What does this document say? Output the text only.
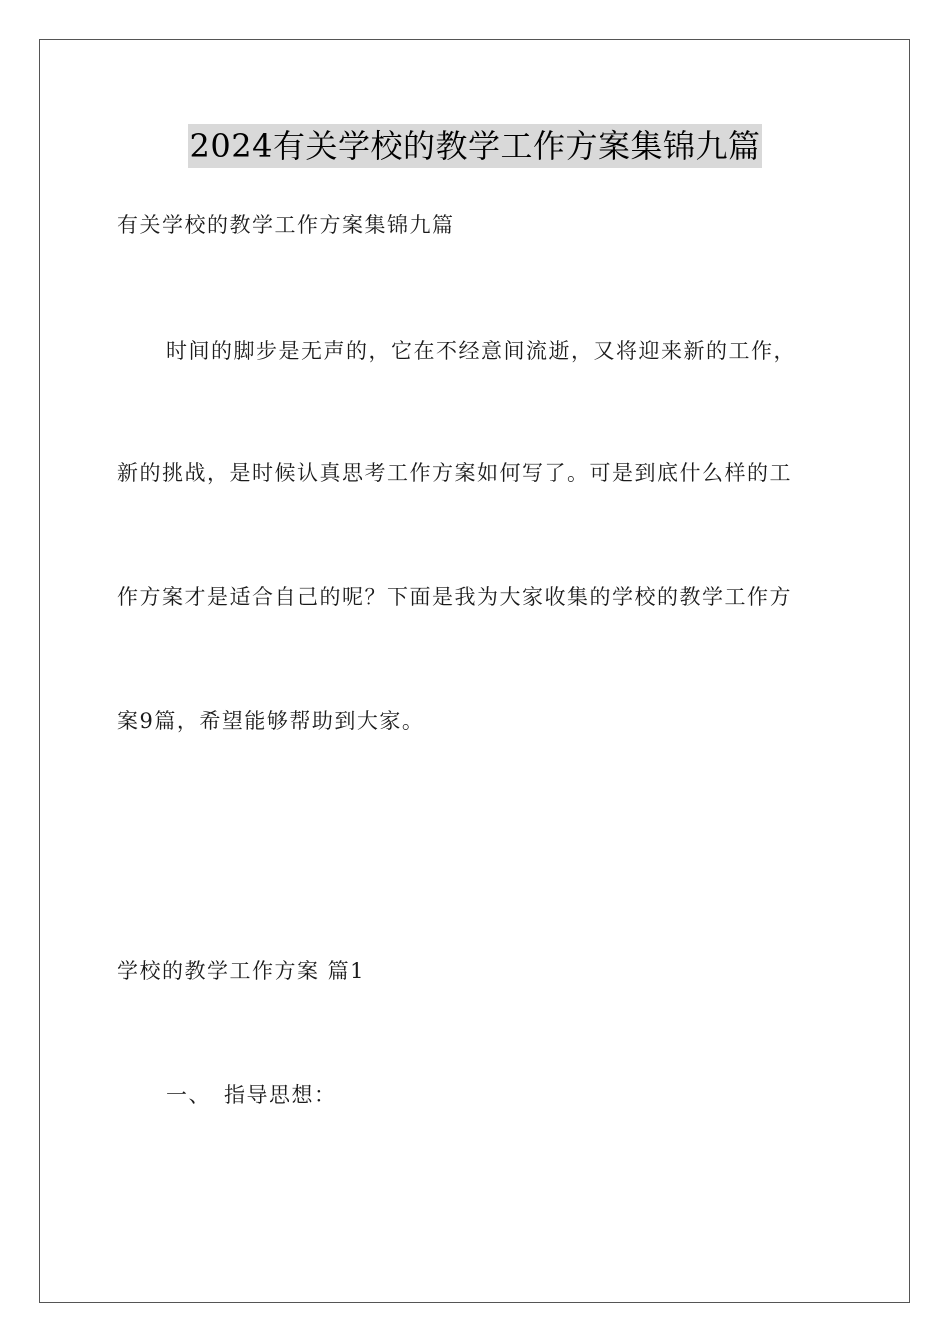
2024有关学校的教学工作方案集锦九篇
有关学校的教学工作方案集锦九篇
时间的脚步是无声的，它在不经意间流逝，又将迎来新的工作，
新的挑战，是时候认真思考工作方案如何写了。可是到底什么样的工
作方案才是适合自己的呢？下面是我为大家收集的学校的教学工作方
案9篇，希望能够帮助到大家。
学校的教学工作方案 篇1
一、 指导思想：
